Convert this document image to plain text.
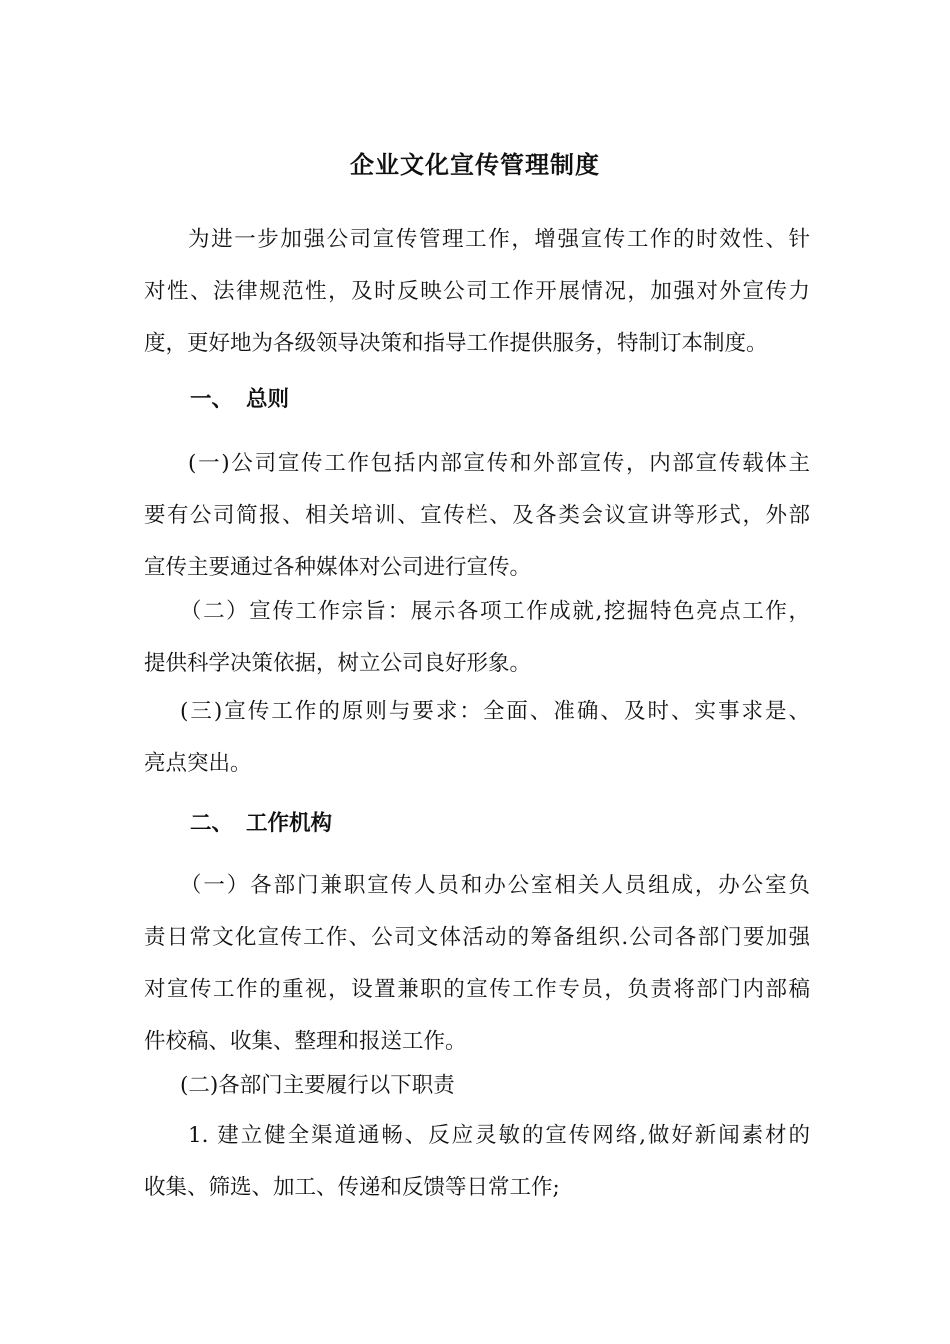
企业文化宣传管理制度
为进一步加强公司宣传管理工作，增强宣传工作的时效性、针
对性、法律规范性，及时反映公司工作开展情况，加强对外宣传力
度，更好地为各级领导决策和指导工作提供服务，特制订本制度。
一、 总则
(一)公司宣传工作包括内部宣传和外部宣传，内部宣传载体主
要有公司简报、相关培训、宣传栏、及各类会议宣讲等形式，外部
宣传主要通过各种媒体对公司进行宣传。
（二）宣传工作宗旨：展示各项工作成就,挖掘特色亮点工作，
提供科学决策依据，树立公司良好形象。
(三)宣传工作的原则与要求：全面、准确、及时、实事求是、
亮点突出。
二、 工作机构
（一）各部门兼职宣传人员和办公室相关人员组成，办公室负
责日常文化宣传工作、公司文体活动的筹备组织.公司各部门要加强
对宣传工作的重视，设置兼职的宣传工作专员，负责将部门内部稿
件校稿、收集、整理和报送工作。
(二)各部门主要履行以下职责
1. 建立健全渠道通畅、反应灵敏的宣传网络,做好新闻素材的
收集、筛选、加工、传递和反馈等日常工作;
